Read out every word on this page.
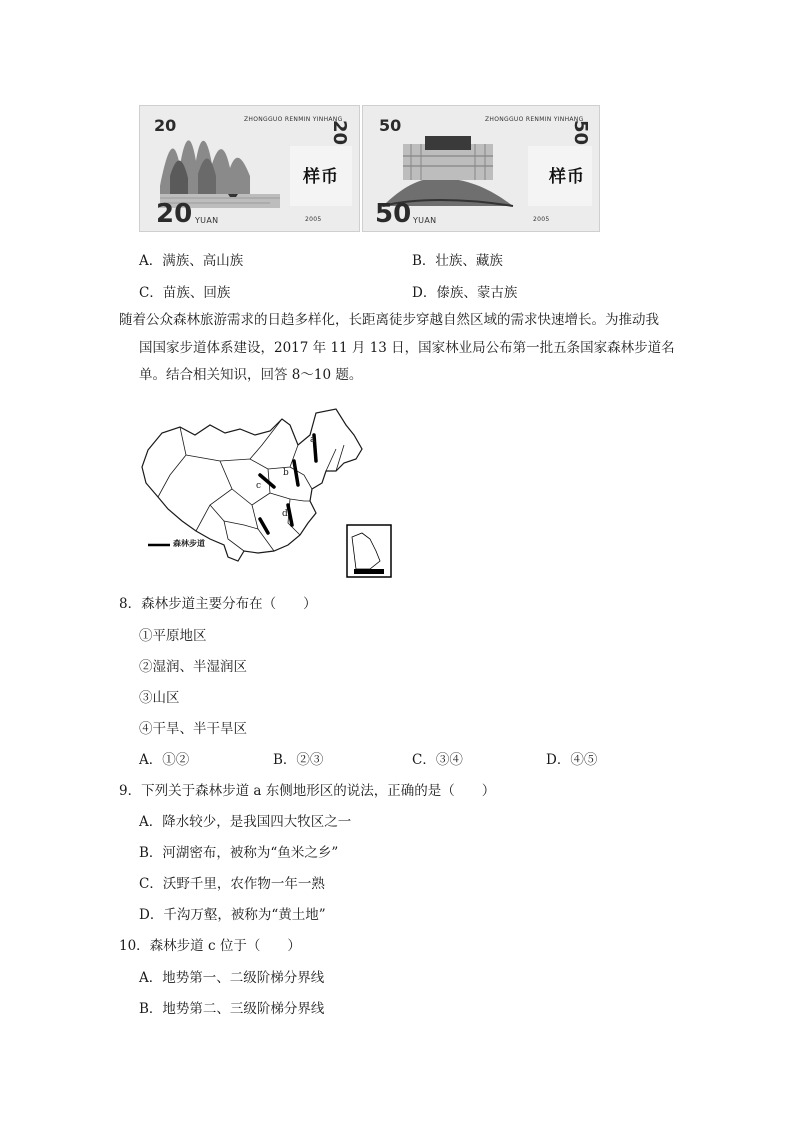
20	ZHONGGUO RENMIN YINHANG
20
样币
20 YUAN	2005
50	ZHONGGUO RENMIN YINHANG
50
样币
50 YUAN	2005
A．满族、高山族	B．壮族、藏族
C．苗族、回族	D．傣族、蒙古族
随着公众森林旅游需求的日趋多样化，长距离徒步穿越自然区域的需求快速增长。为推动我
国国家步道体系建设，2017 年 11 月 13 日，国家林业局公布第一批五条国家森林步道名
单。结合相关知识，回答 8～10 题。
a
b
c
d
森林步道
8．森林步道主要分布在（　　）
①平原地区
②湿润、半湿润区
③山区
④干旱、半干旱区
A．①②	B．②③	C．③④	D．④⑤
9．下列关于森林步道 a 东侧地形区的说法，正确的是（　　）
A．降水较少，是我国四大牧区之一
B．河湖密布，被称为“鱼米之乡”
C．沃野千里，农作物一年一熟
D．千沟万壑，被称为“黄土地”
10．森林步道 c 位于（　　）
A．地势第一、二级阶梯分界线
B．地势第二、三级阶梯分界线
